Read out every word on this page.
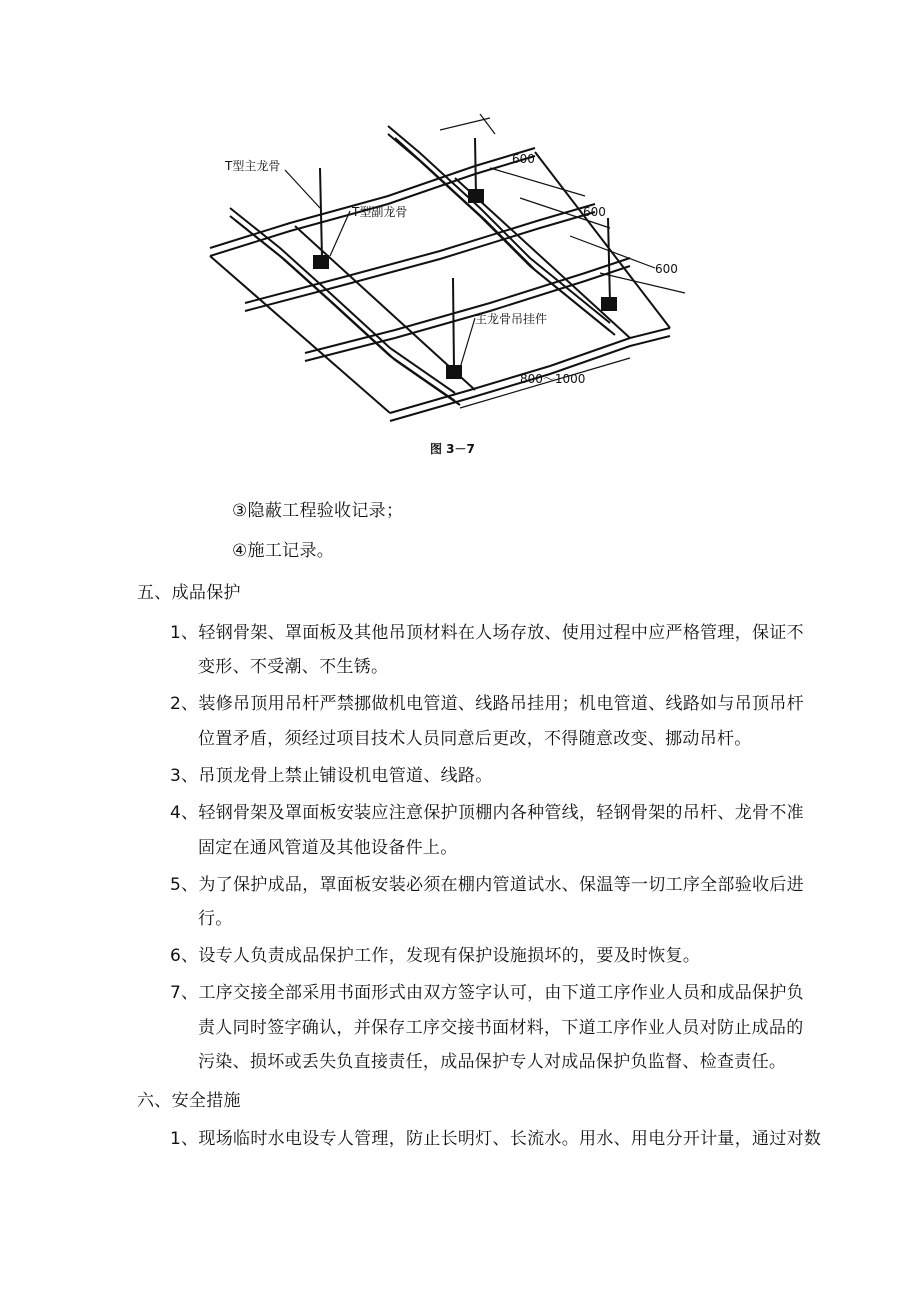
T型主龙骨
T型副龙骨
主龙骨吊挂件
600
600
600
800～1000
图 3－7
③隐蔽工程验收记录；
④施工记录。
五、成品保护
1、轻钢骨架、罩面板及其他吊顶材料在人场存放、使用过程中应严格管理，保证不
变形、不受潮、不生锈。
2、装修吊顶用吊杆严禁挪做机电管道、线路吊挂用；机电管道、线路如与吊顶吊杆
位置矛盾，须经过项目技术人员同意后更改，不得随意改变、挪动吊杆。
3、吊顶龙骨上禁止铺设机电管道、线路。
4、轻钢骨架及罩面板安装应注意保护顶棚内各种管线，轻钢骨架的吊杆、龙骨不准
固定在通风管道及其他设备件上。
5、为了保护成品，罩面板安装必须在棚内管道试水、保温等一切工序全部验收后进
行。
6、设专人负责成品保护工作，发现有保护设施损坏的，要及时恢复。
7、工序交接全部采用书面形式由双方签字认可，由下道工序作业人员和成品保护负
责人同时签字确认，并保存工序交接书面材料，下道工序作业人员对防止成品的
污染、损坏或丢失负直接责任，成品保护专人对成品保护负监督、检查责任。
六、安全措施
1、现场临时水电设专人管理，防止长明灯、长流水。用水、用电分开计量，通过对数
